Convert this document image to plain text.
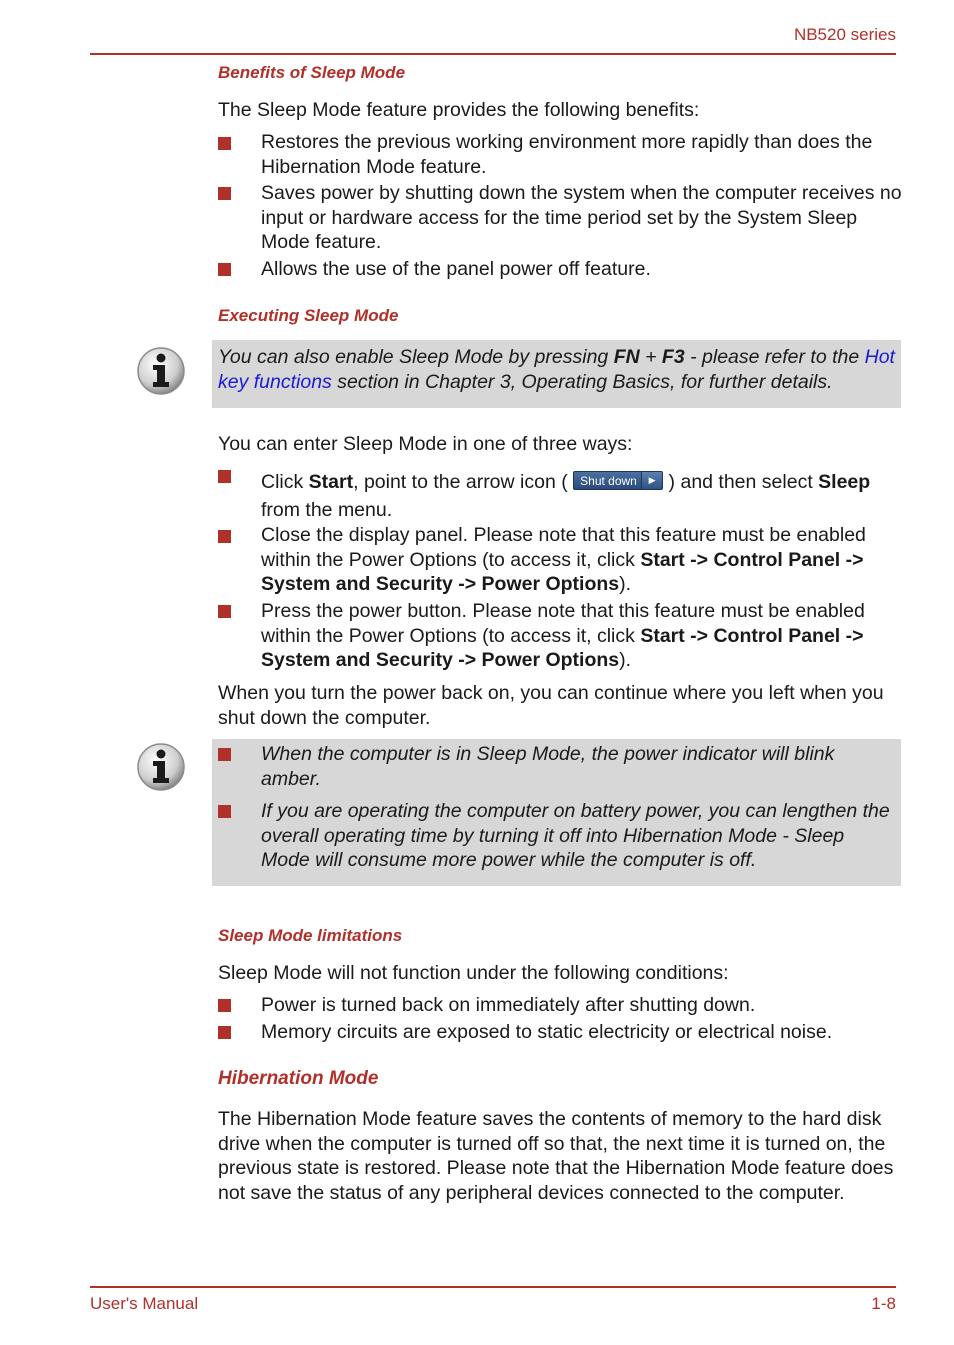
NB520 series
Benefits of Sleep Mode
The Sleep Mode feature provides the following benefits:
Restores the previous working environment more rapidly than does the Hibernation Mode feature.
Saves power by shutting down the system when the computer receives no input or hardware access for the time period set by the System Sleep Mode feature.
Allows the use of the panel power off feature.
Executing Sleep Mode
You can also enable Sleep Mode by pressing FN + F3 - please refer to the Hot key functions section in Chapter 3, Operating Basics, for further details.
You can enter Sleep Mode in one of three ways:
Click Start, point to the arrow icon ( Shut down	▶ ) and then select Sleep
from the menu.
Close the display panel. Please note that this feature must be enabled within the Power Options (to access it, click Start -> Control Panel -> System and Security -> Power Options).
Press the power button. Please note that this feature must be enabled within the Power Options (to access it, click Start -> Control Panel -> System and Security -> Power Options).
When you turn the power back on, you can continue where you left when you shut down the computer.
When the computer is in Sleep Mode, the power indicator will blink amber.
If you are operating the computer on battery power, you can lengthen the overall operating time by turning it off into Hibernation Mode - Sleep Mode will consume more power while the computer is off.
Sleep Mode limitations
Sleep Mode will not function under the following conditions:
Power is turned back on immediately after shutting down.
Memory circuits are exposed to static electricity or electrical noise.
Hibernation Mode
The Hibernation Mode feature saves the contents of memory to the hard disk drive when the computer is turned off so that, the next time it is turned on, the previous state is restored. Please note that the Hibernation Mode feature does not save the status of any peripheral devices connected to the computer.
User's Manual	1-8
